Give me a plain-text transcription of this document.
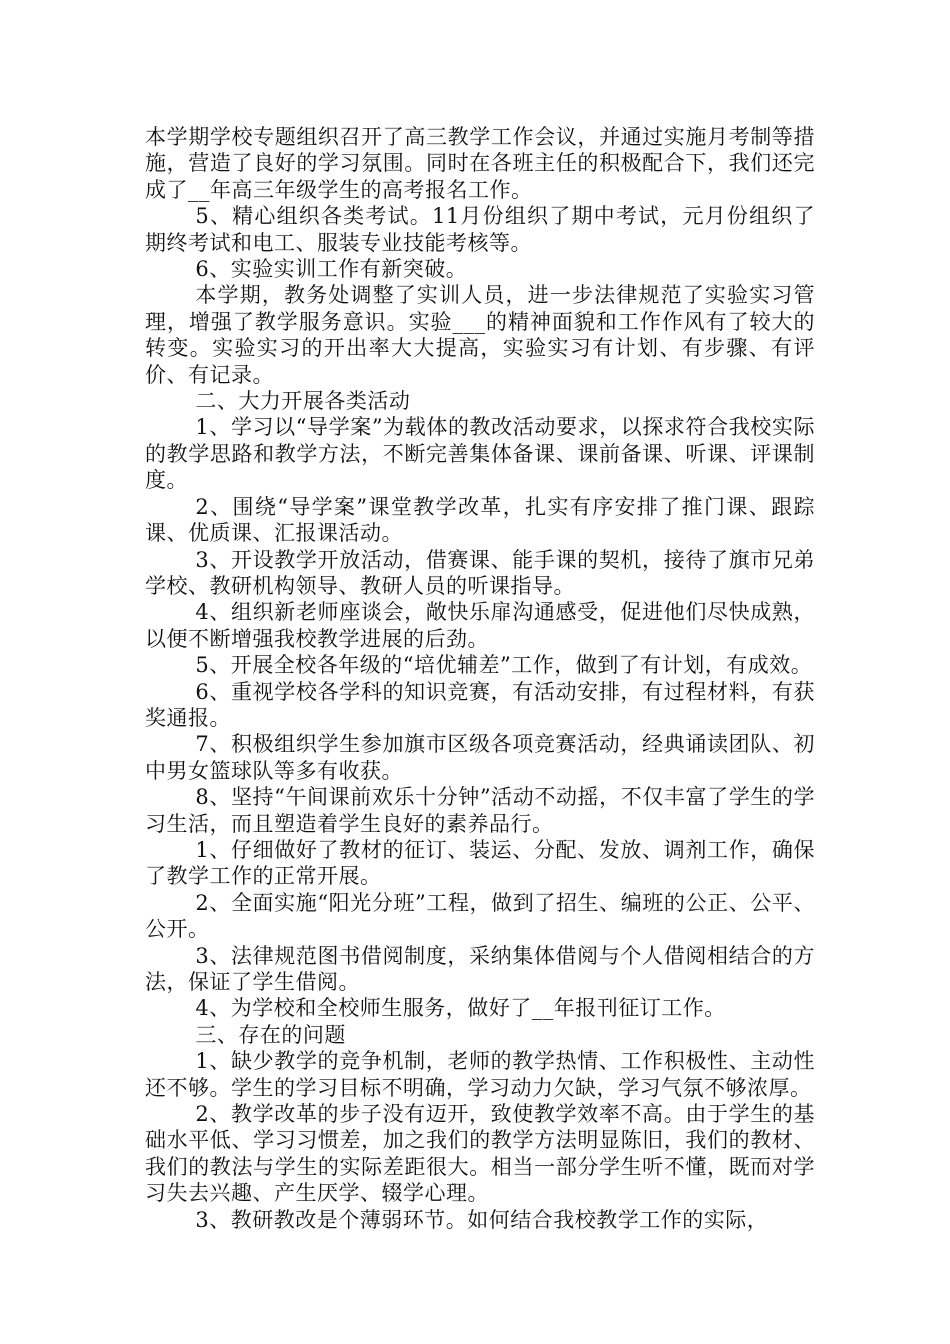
本学期学校专题组织召开了高三教学工作会议，并通过实施月考制等措施，营造了良好的学习氛围。同时在各班主任的积极配合下，我们还完成了__年高三年级学生的高考报名工作。

5、精心组织各类考试。11月份组织了期中考试，元月份组织了期终考试和电工、服装专业技能考核等。

6、实验实训工作有新突破。

本学期，教务处调整了实训人员，进一步法律规范了实验实习管理，增强了教学服务意识。实验___的精神面貌和工作作风有了较大的转变。实验实习的开出率大大提高，实验实习有计划、有步骤、有评价、有记录。

二、大力开展各类活动

1、学习以“导学案”为载体的教改活动要求，以探求符合我校实际的教学思路和教学方法，不断完善集体备课、课前备课、听课、评课制度。

2、围绕“导学案”课堂教学改革，扎实有序安排了推门课、跟踪课、优质课、汇报课活动。

3、开设教学开放活动，借赛课、能手课的契机，接待了旗市兄弟学校、教研机构领导、教研人员的听课指导。

4、组织新老师座谈会，敞快乐扉沟通感受，促进他们尽快成熟，以便不断增强我校教学进展的后劲。

5、开展全校各年级的“培优辅差”工作，做到了有计划，有成效。

6、重视学校各学科的知识竞赛，有活动安排，有过程材料，有获奖通报。

7、积极组织学生参加旗市区级各项竞赛活动，经典诵读团队、初中男女篮球队等多有收获。

8、坚持“午间课前欢乐十分钟”活动不动摇，不仅丰富了学生的学习生活，而且塑造着学生良好的素养品行。

1、仔细做好了教材的征订、装运、分配、发放、调剂工作，确保了教学工作的正常开展。

2、全面实施“阳光分班”工程，做到了招生、编班的公正、公平、公开。

3、法律规范图书借阅制度，采纳集体借阅与个人借阅相结合的方法，保证了学生借阅。

4、为学校和全校师生服务，做好了__年报刊征订工作。

三、存在的问题

1、缺少教学的竞争机制，老师的教学热情、工作积极性、主动性还不够。学生的学习目标不明确，学习动力欠缺，学习气氛不够浓厚。

2、教学改革的步子没有迈开，致使教学效率不高。由于学生的基础水平低、学习习惯差，加之我们的教学方法明显陈旧，我们的教材、我们的教法与学生的实际差距很大。相当一部分学生听不懂，既而对学习失去兴趣、产生厌学、辍学心理。

3、教研教改是个薄弱环节。如何结合我校教学工作的实际，
